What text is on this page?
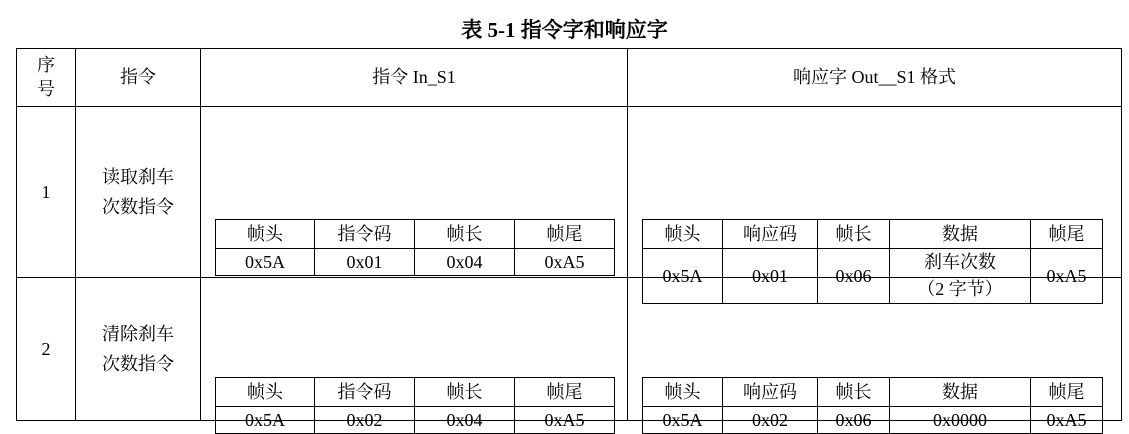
表 5-1 指令字和响应字
序号	指令	指令 In_S1	响应字 Out__S1 格式
1	读取刹车次数指令	
帧头	指令码	帧长	帧尾
0x5A	0x01	0x04	0xA5

帧头	响应码	帧长	数据	帧尾
0x5A	0x01	0x06	刹车次数（2 字节）	0xA5

2	清除刹车次数指令	
帧头	指令码	帧长	帧尾
0x5A	0x02	0x04	0xA5

帧头	响应码	帧长	数据	帧尾
0x5A	0x02	0x06	0x0000	0xA5
